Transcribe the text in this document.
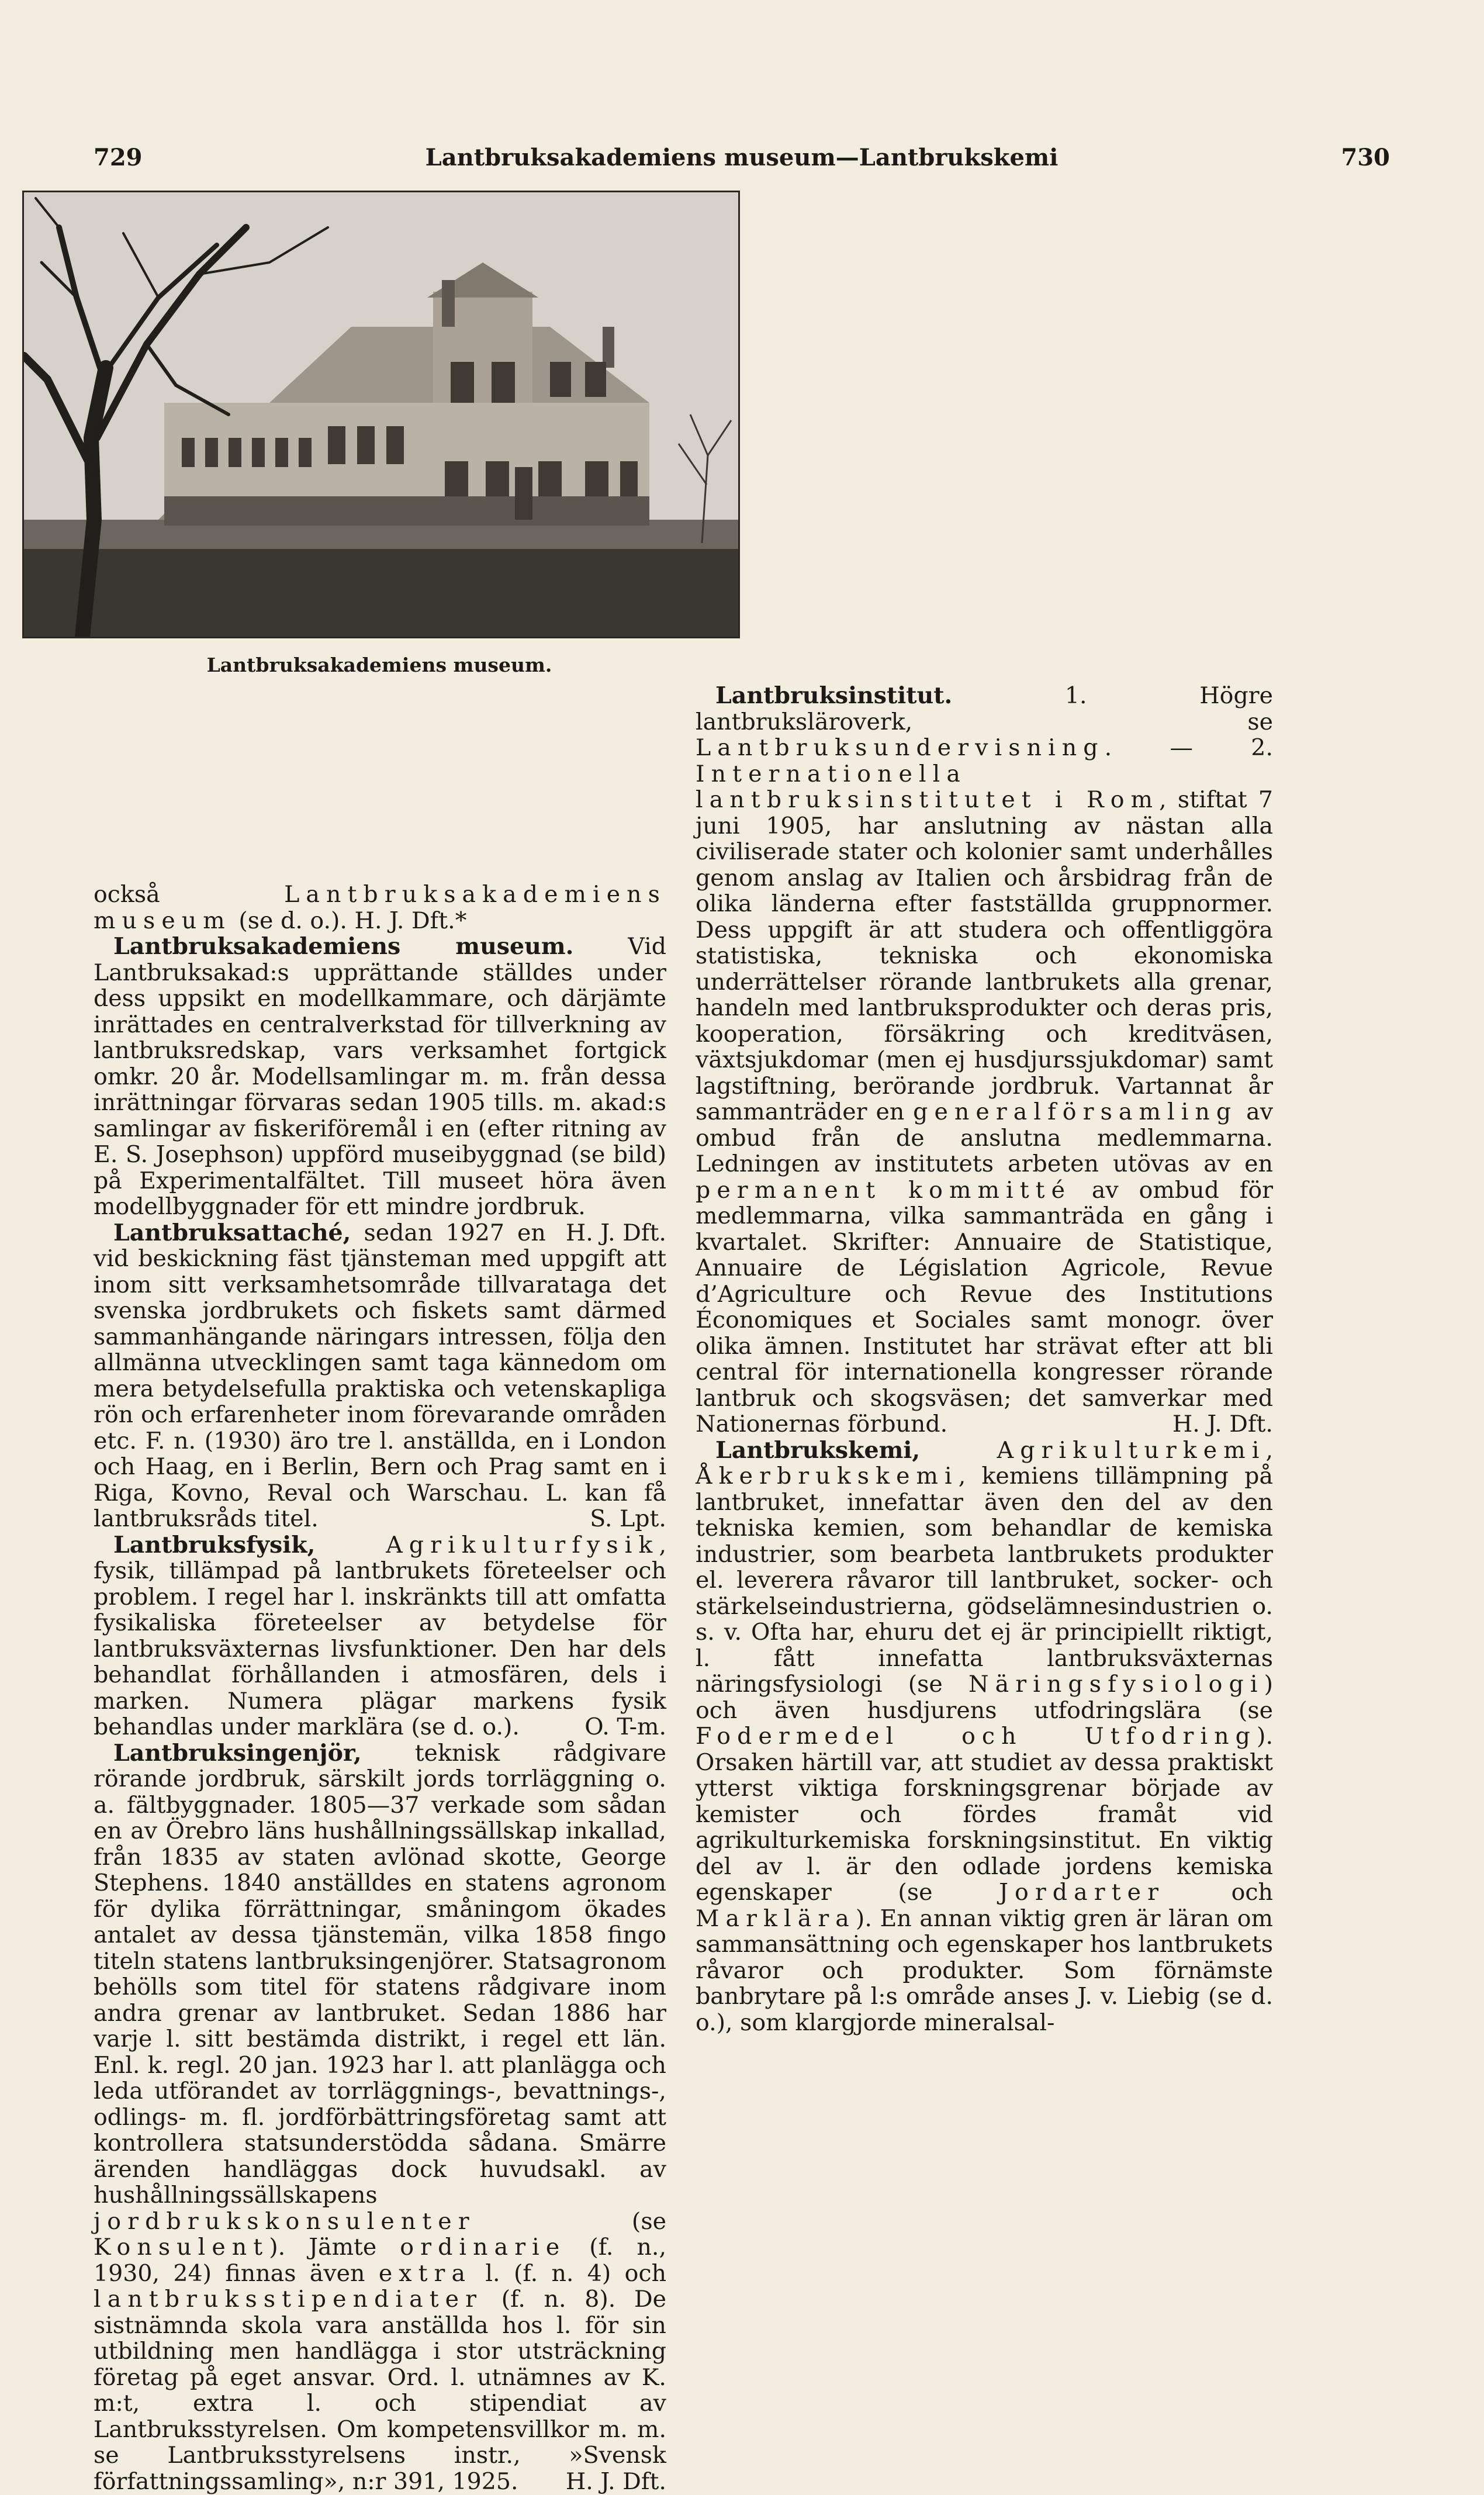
729	Lantbruksakademiens museum—Lantbrukskemi	730
Lantbruksakademiens museum.

också Lantbruksakademiens museum (se d. o.). H. J. Dft.*

Lantbruksakademiens museum. Vid Lantbruksakad:s upprättande ställdes under dess uppsikt en modellkammare, och därjämte inrättades en centralverkstad för tillverkning av lantbruksredskap, vars verksamhet fortgick omkr. 20 år. Modellsamlingar m. m. från dessa inrättningar förvaras sedan 1905 tills. m. akad:s samlingar av fiskeriföremål i en (efter ritning av E. S. Josephson) uppförd museibyggnad (se bild) på Experimentalfältet. Till museet höra även modellbyggnader för ett mindre jordbruk.
H. J. Dft.

Lantbruksattaché, sedan 1927 en vid beskickning fäst tjänsteman med uppgift att inom sitt verksamhetsområde tillvaratag​a det svenska jordbrukets och fiskets samt därmed sammanhängande näringars intressen, följa den allmänna utvecklingen samt taga kännedom om mera betydelsefulla praktiska och vetenskapliga rön och erfarenheter inom förevarande områden etc. F. n. (1930) äro tre l. anställda, en i London och Haag, en i Berlin, Bern och Prag samt en i Riga, Kovno, Reval och Warschau. L. kan få lantbruksråds titel.	S. Lpt.

Lantbruksfysik,	Agrikulturfysik, fysik, tillämpad på lantbrukets företeelser och problem. I regel har l. inskränkts till att omfatta fysikaliska företeelser av betydelse för lantbruksväxternas livsfunktioner. Den har dels behandlat förhållanden i atmosfären, dels i marken. Numera plägar markens fysik behandlas under marklära (se d. o.).	O. T-m.

Lantbruksingenjör, teknisk rådgivare rörande jordbruk, särskilt jords torrläggning o. a. fältbyggnader. 1805—37 verkade som sådan en av Örebro läns hushållningssällskap inkallad, från 1835 av staten avlönad skotte, George Stephens. 1840 anställdes en statens agronom för dylika förrättningar, småningom ökades antalet av dessa tjänstemän, vilka 1858 fingo titeln statens lantbruksingenjörer. Statsagronom behölls som titel för statens rådgivare inom andra grenar av lantbruket. Sedan 1886 har varje l. sitt bestämda distrikt, i regel ett län. Enl. k. regl. 20 jan. 1923 har l. att planlägga och leda utförandet av torrläggnings-, bevattnings-, odlings- m. fl. jordförbättringsföretag samt att kontrollera statsunderstödda sådana. Smärre ärenden handläggas dock huvudsakl. av hushållningssällskapens jordbrukskonsulenter (se Konsulent). Jämte ordinarie (f. n., 1930, 24) finnas även extra l. (f. n. 4) och lantbruksstipendiater (f. n. 8). De sistnämnda skola vara anställda hos l. för sin utbildning men handlägga i stor utsträckning företag på eget ansvar. Ord. l. utnämnes av K. m:t, extra l. och stipendiat av Lantbruksstyrelsen. Om kompetensvillkor m. m. se Lantbruksstyrelsens instr., »Svensk författningssamling», n:r 391, 1925.	H. J. Dft.

Lantbruksinstitut. 1. Högre lantbruksläroverk, se Lantbruksundervisning. — 2. Internationella lantbruksinstitutet i Rom, stiftat 7 juni 1905, har anslutning av nästan alla civiliserade stater och kolonier samt underhålles genom anslag av Italien och årsbidrag från de olika länderna efter fastställda gruppnormer. Dess uppgift är att studera och offentliggöra statistiska, tekniska och ekonomiska underrättelser rörande lantbrukets alla grenar, handeln med lantbruksprodukter och deras pris, kooperation, försäkring och kreditväsen, växtsjukdomar (men ej husdjurssjukdomar) samt lagstiftning, berörande jordbruk. Vartannat år sammanträder en generalförsamling av ombud från de anslutna medlemmarna. Ledningen av institutets arbeten utövas av en permanent kommitté av ombud för medlemmarna, vilka sammanträda en gång i kvartalet. Skrifter: Annuaire de Statistique, Annuaire de Législation Agricole, Revue d’Agriculture och Revue des Institutions Économiques et Sociales samt monogr. över olika ämnen. Institutet har strävat efter att bli central för internationella kongresser rörande lantbruk och skogsväsen; det samverkar med Nationernas förbund.	H. J. Dft.

Lantbrukskemi,	Agrikulturkemi, Åkerbrukskemi, kemiens tillämpning på lantbruket, innefattar även den del av den tekniska kemien, som behandlar de kemiska industrier, som bearbeta lantbrukets produkter el. leverera råvaror till lantbruket, socker- och stärkelseindustrierna, gödselämnesindustrien o. s. v. Ofta har, ehuru det ej är principiellt riktigt, l. fått innefatta lantbruksväxternas näringsfysiologi (se Näringsfysiologi) och även husdjurens utfodringslära (se Fodermedel och Utfodring). Orsaken härtill var, att studiet av dessa praktiskt ytterst viktiga forskningsgrenar började av kemister och fördes framåt vid agrikulturkemiska forskningsinstitut. En viktig del av l. är den odlade jordens kemiska egenskaper (se Jordarter och Marklära). En annan viktig gren är läran om sammansättning och egenskaper hos lantbrukets råvaror och produkter. Som förnämste banbrytare på l:s område anses J. v. Liebig (se d. o.), som klargjorde mineralsal-
